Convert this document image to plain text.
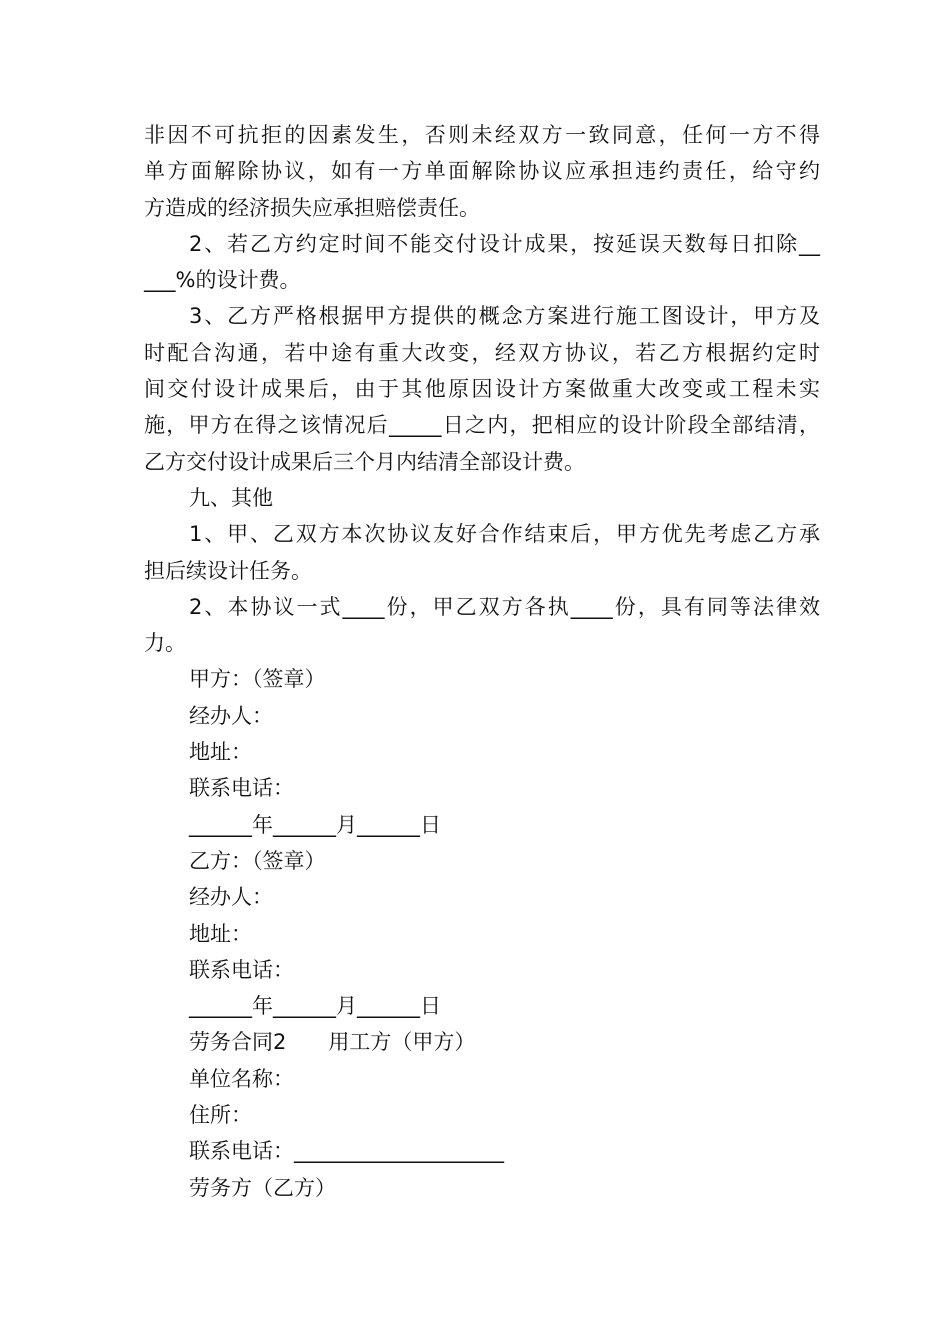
非因不可抗拒的因素发生，否则未经双方一致同意，任何一方不得
单方面解除协议，如有一方单面解除协议应承担违约责任，给守约
方造成的经济损失应承担赔偿责任。
2、若乙方约定时间不能交付设计成果，按延误天数每日扣除__
___%的设计费。
3、乙方严格根据甲方提供的概念方案进行施工图设计，甲方及
时配合沟通，若中途有重大改变，经双方协议，若乙方根据约定时
间交付设计成果后，由于其他原因设计方案做重大改变或工程未实
施，甲方在得之该情况后_____日之内，把相应的设计阶段全部结清，
乙方交付设计成果后三个月内结清全部设计费。
九、其他
1、甲、乙双方本次协议友好合作结束后，甲方优先考虑乙方承
担后续设计任务。
2、本协议一式____份，甲乙双方各执____份，具有同等法律效
力。
甲方：（签章）
经办人：
地址：
联系电话：
______年______月______日
乙方：（签章）
经办人：
地址：
联系电话：
______年______月______日
劳务合同2　　用工方（甲方）
单位名称：
住所：
联系电话：____________________
劳务方（乙方）
